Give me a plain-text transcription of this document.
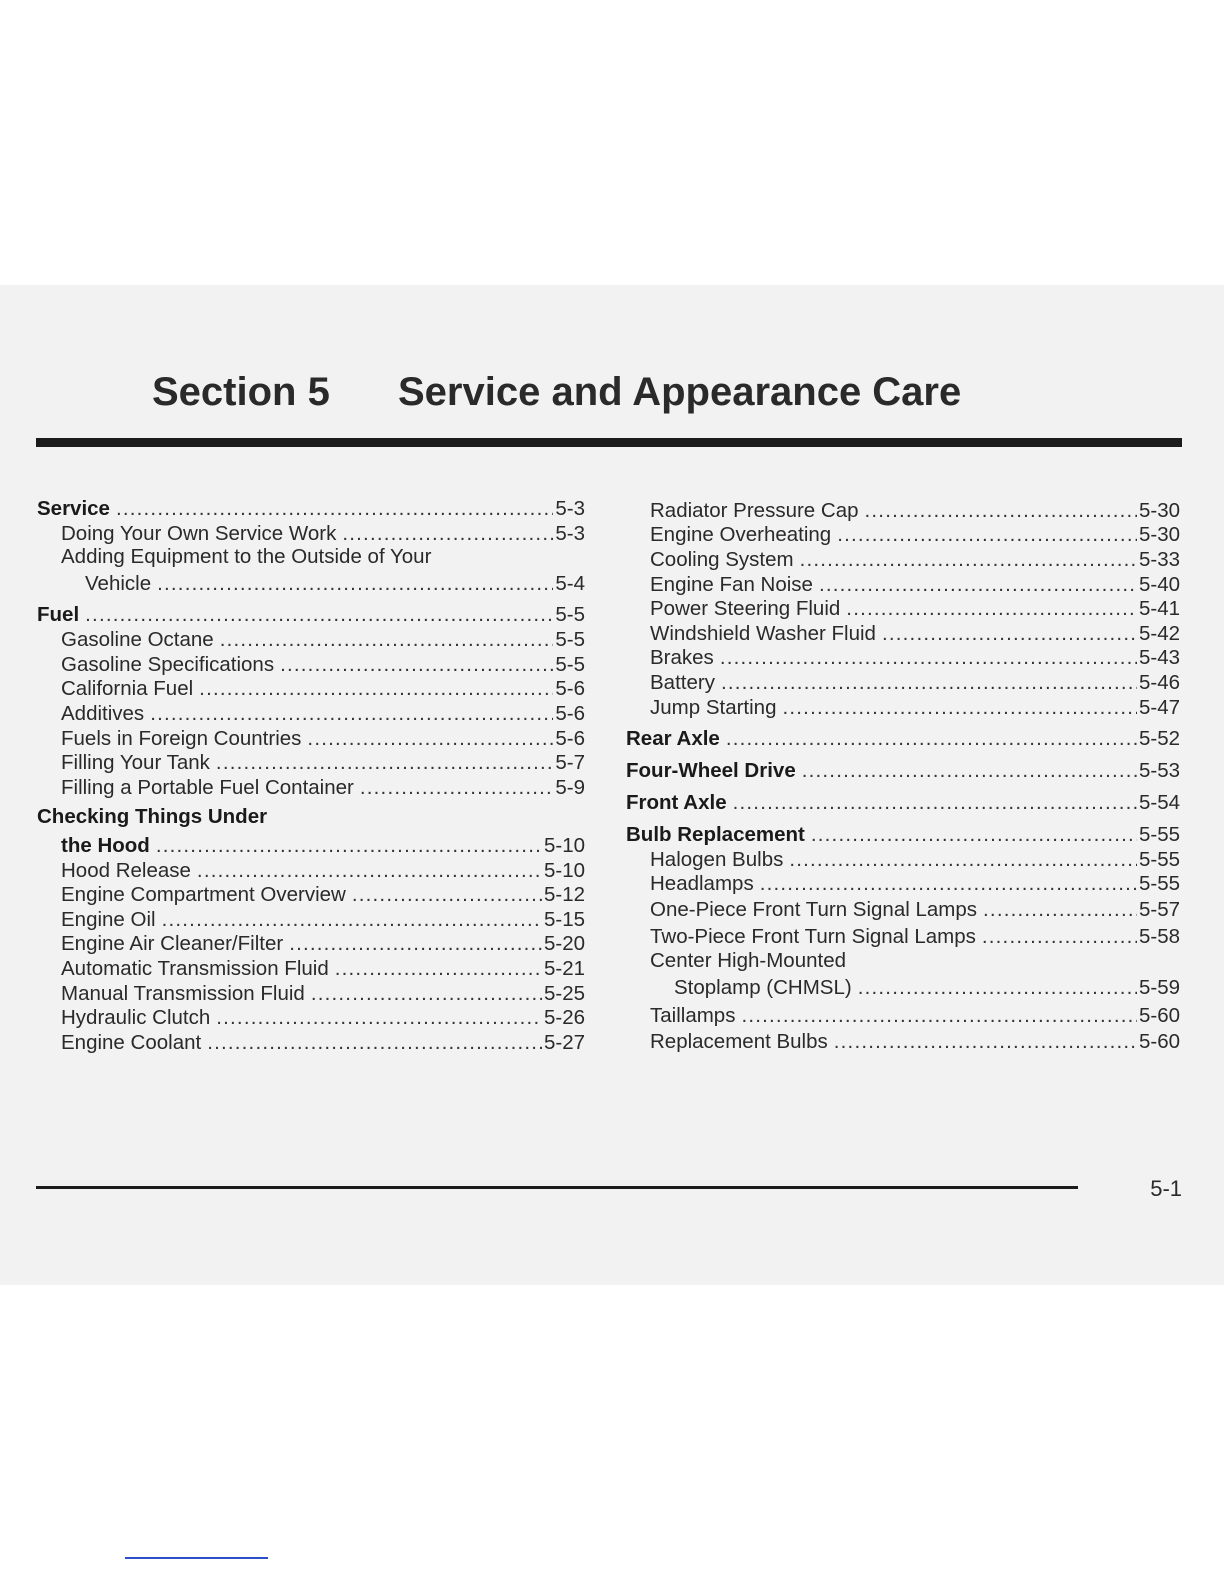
Section 5 Service and Appearance Care
Service .....	5-3
Doing Your Own Service Work .....	5-3
Adding Equipment to the Outside of Your
Vehicle .....	5-4
Fuel .....	5-5
Gasoline Octane .....	5-5
Gasoline Specifications .....	5-5
California Fuel .....	5-6
Additives .....	5-6
Fuels in Foreign Countries .....	5-6
Filling Your Tank .....	5-7
Filling a Portable Fuel Container .....	5-9
Checking Things Under
the Hood .....	5-10
Hood Release .....	5-10
Engine Compartment Overview .....	5-12
Engine Oil .....	5-15
Engine Air Cleaner/Filter .....	5-20
Automatic Transmission Fluid .....	5-21
Manual Transmission Fluid .....	5-25
Hydraulic Clutch .....	5-26
Engine Coolant .....	5-27
Radiator Pressure Cap .....	5-30
Engine Overheating .....	5-30
Cooling System .....	5-33
Engine Fan Noise .....	5-40
Power Steering Fluid .....	5-41
Windshield Washer Fluid .....	5-42
Brakes .....	5-43
Battery .....	5-46
Jump Starting .....	5-47
Rear Axle .....	5-52
Four-Wheel Drive .....	5-53
Front Axle .....	5-54
Bulb Replacement .....	5-55
Halogen Bulbs .....	5-55
Headlamps .....	5-55
One-Piece Front Turn Signal Lamps .....	5-57
Two-Piece Front Turn Signal Lamps .....	5-58
Center High-Mounted
Stoplamp (CHMSL) .....	5-59
Taillamps .....	5-60
Replacement Bulbs .....	5-60
5-1
